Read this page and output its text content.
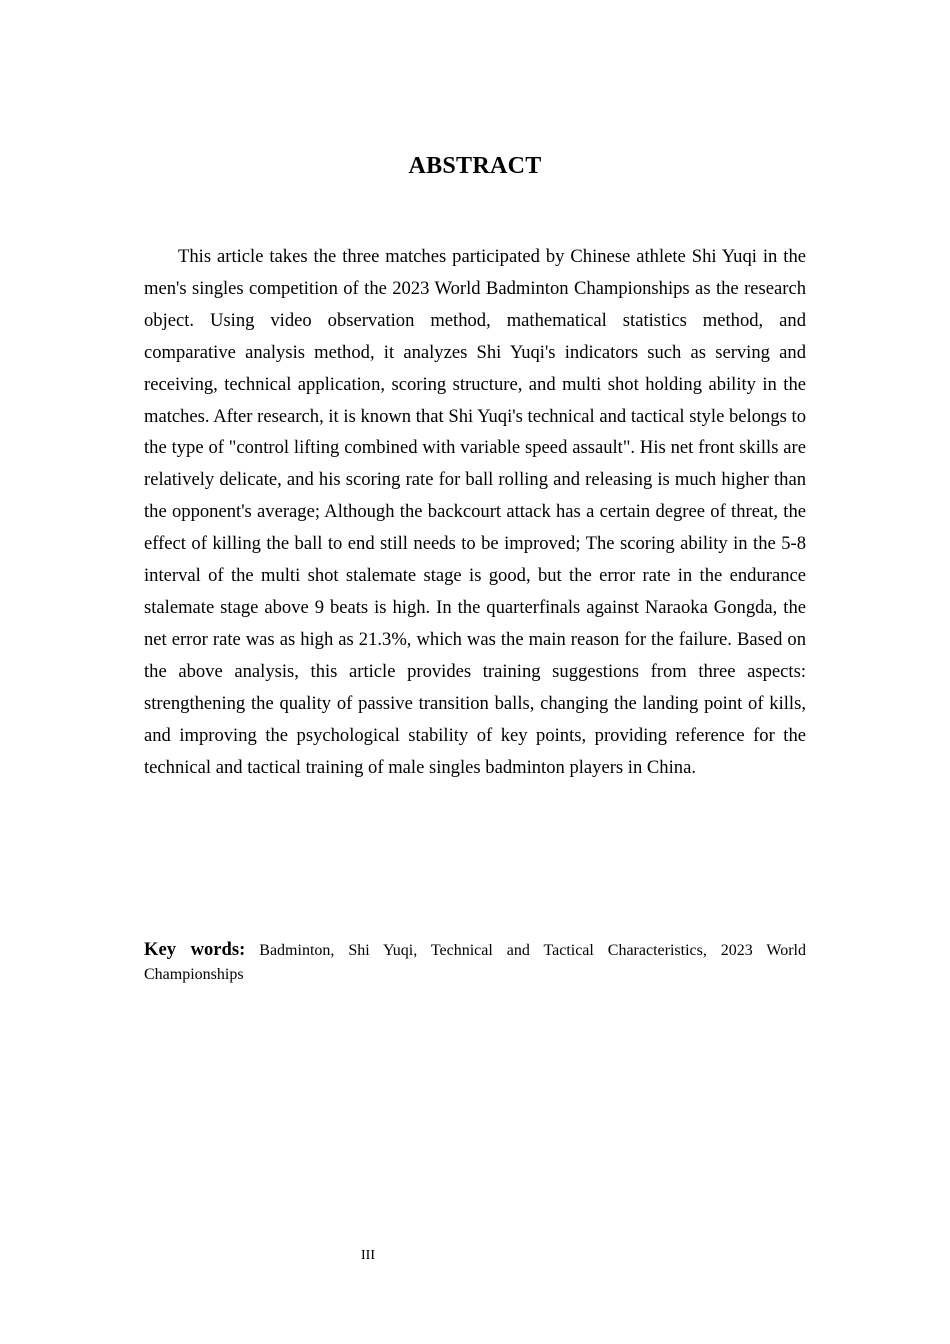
ABSTRACT

This article takes the three matches participated by Chinese athlete Shi Yuqi in the men's singles competition of the 2023 World Badminton Championships as the research object. Using video observation method, mathematical statistics method, and comparative analysis method, it analyzes Shi Yuqi's indicators such as serving and receiving, technical application, scoring structure, and multi shot holding ability in the matches. After research, it is known that Shi Yuqi's technical and tactical style belongs to the type of "control lifting combined with variable speed assault". His net front skills are relatively delicate, and his scoring rate for ball rolling and releasing is much higher than the opponent's average; Although the backcourt attack has a certain degree of threat, the effect of killing the ball to end still needs to be improved; The scoring ability in the 5-8 interval of the multi shot stalemate stage is good, but the error rate in the endurance stalemate stage above 9 beats is high. In the quarterfinals against Naraoka Gongda, the net error rate was as high as 21.3%, which was the main reason for the failure. Based on the above analysis, this article provides training suggestions from three aspects: strengthening the quality of passive transition balls, changing the landing point of kills, and improving the psychological stability of key points, providing reference for the technical and tactical training of male singles badminton players in China.

Key words: Badminton, Shi Yuqi, Technical and Tactical Characteristics, 2023 World Championships

III
